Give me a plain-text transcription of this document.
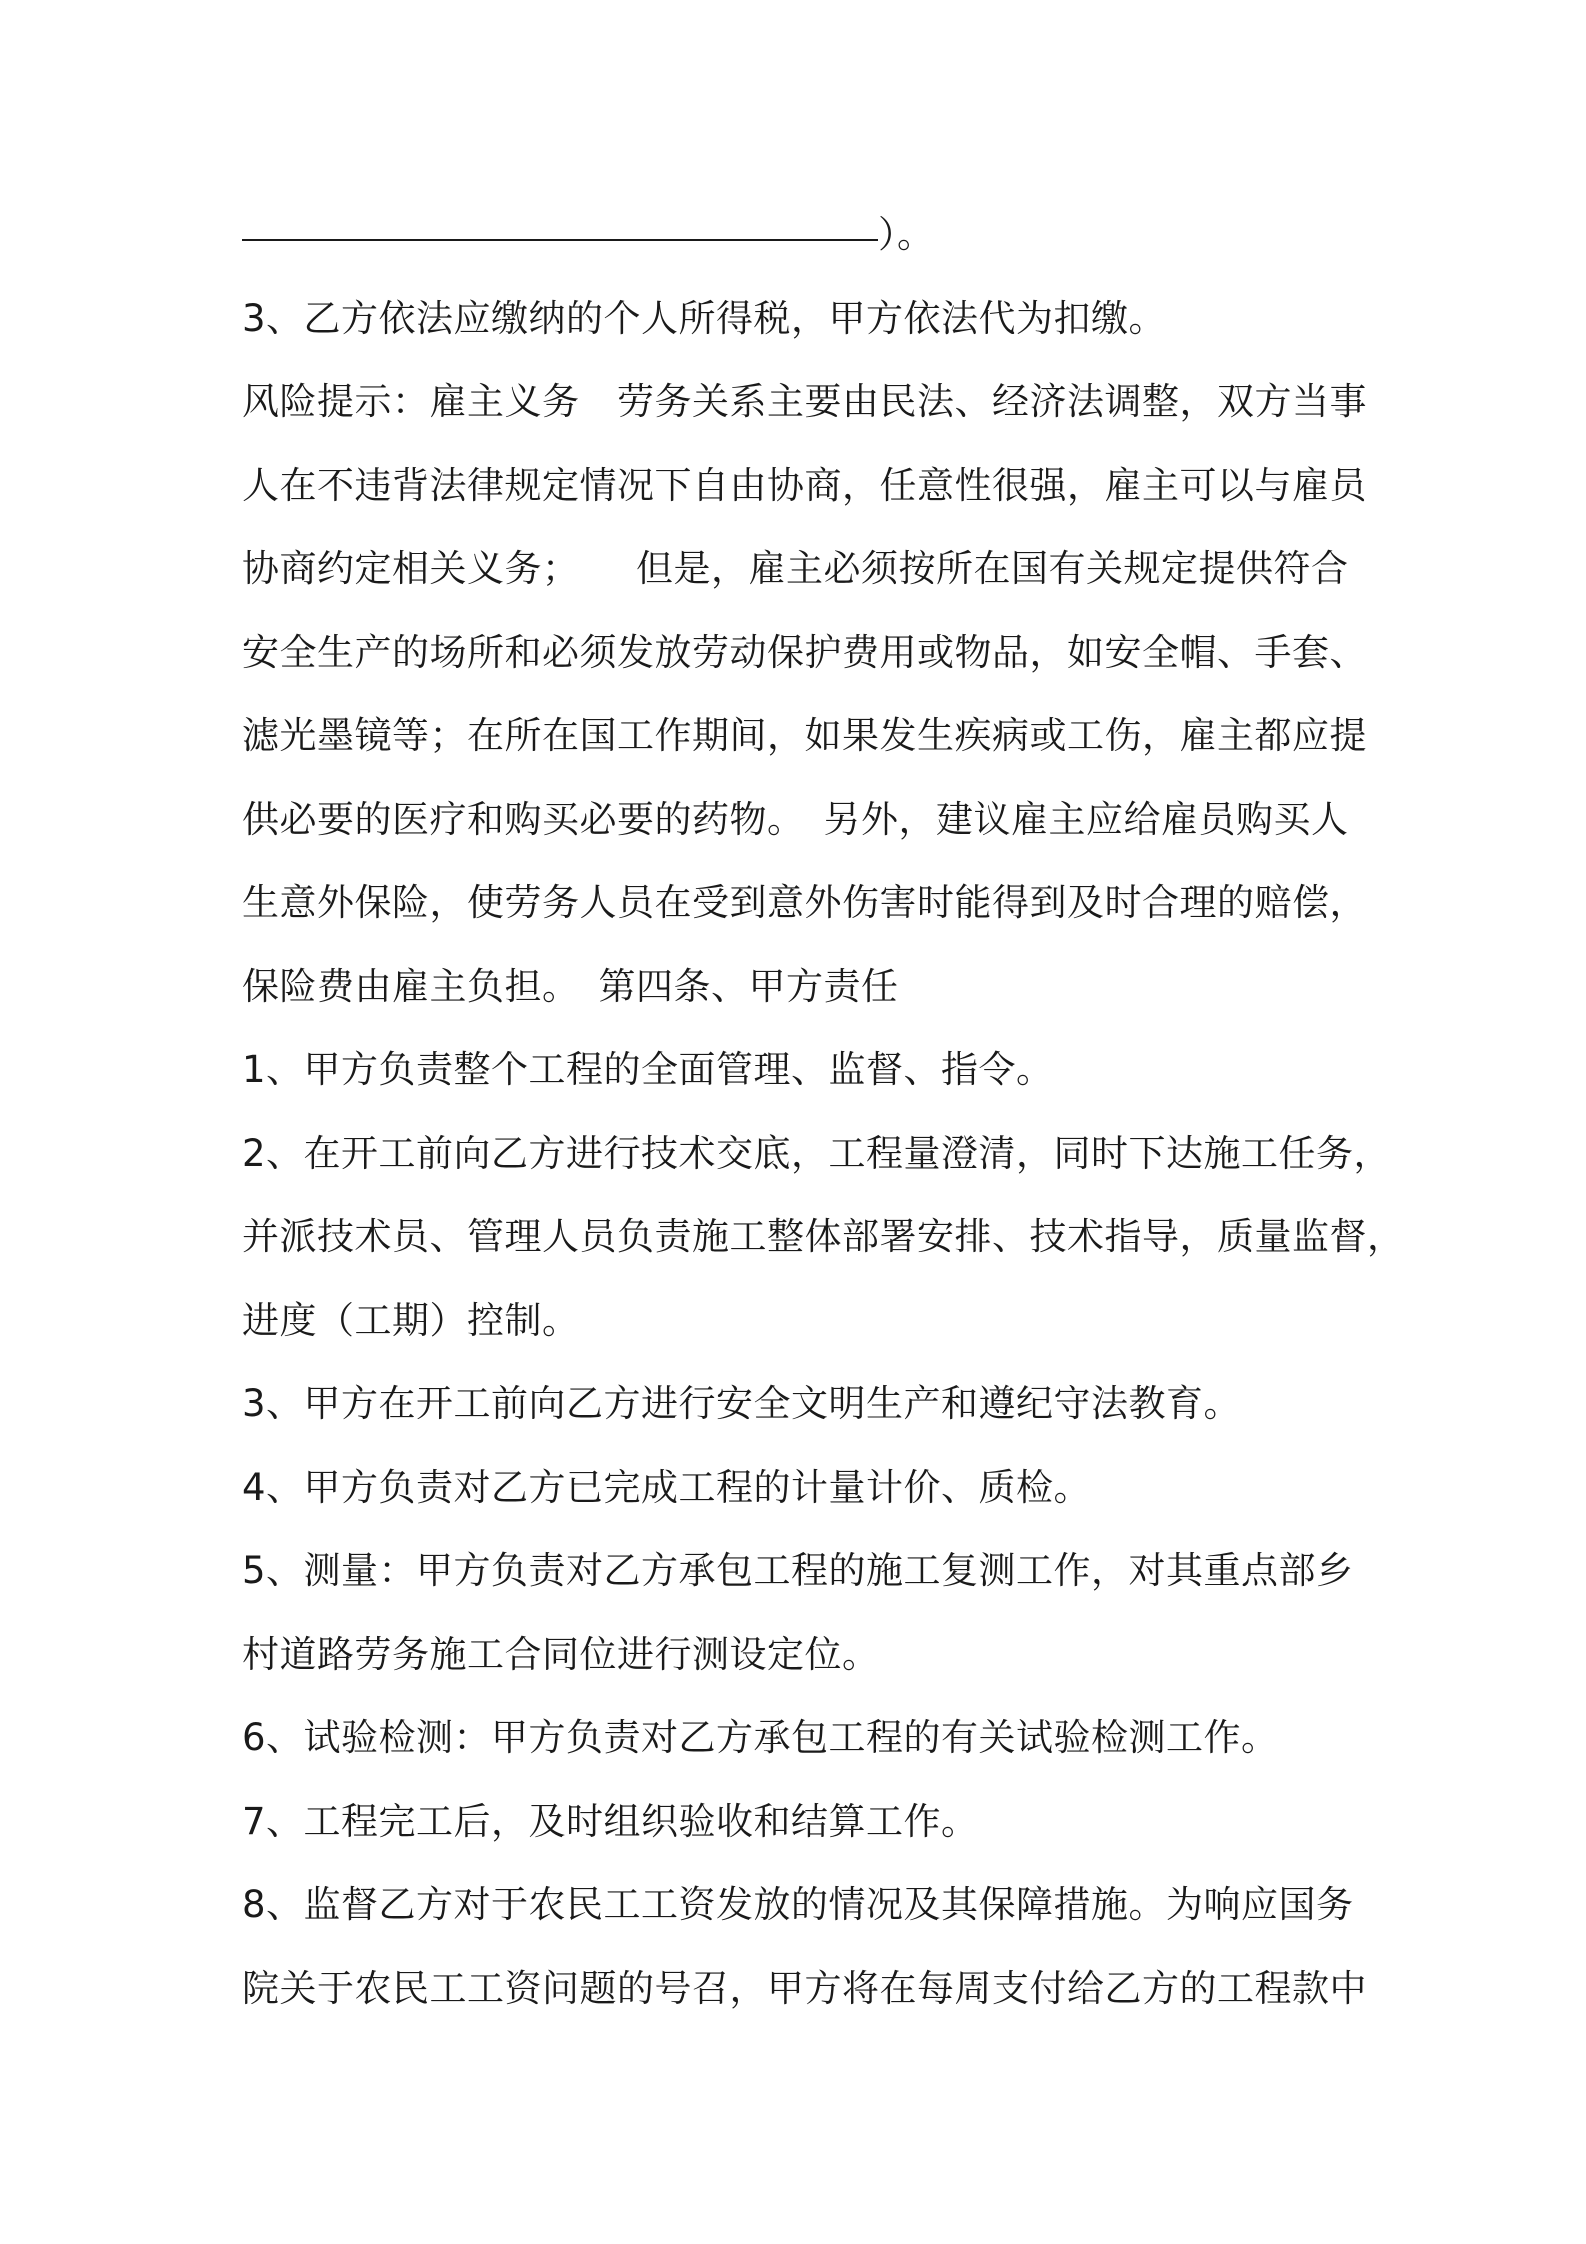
）。
3、乙方依法应缴纳的个人所得税，甲方依法代为扣缴。
风险提示：雇主义务　劳务关系主要由民法、经济法调整，双方当事
人在不违背法律规定情况下自由协商，任意性很强，雇主可以与雇员
协商约定相关义务；　　但是，雇主必须按所在国有关规定提供符合
安全生产的场所和必须发放劳动保护费用或物品，如安全帽、手套、
滤光墨镜等；在所在国工作期间，如果发生疾病或工伤，雇主都应提
供必要的医疗和购买必要的药物。　另外，建议雇主应给雇员购买人
生意外保险，使劳务人员在受到意外伤害时能得到及时合理的赔偿，
保险费由雇主负担。　第四条、甲方责任
1、甲方负责整个工程的全面管理、监督、指令。
2、在开工前向乙方进行技术交底，工程量澄清，同时下达施工任务，
并派技术员、管理人员负责施工整体部署安排、技术指导，质量监督，
进度（工期）控制。
3、甲方在开工前向乙方进行安全文明生产和遵纪守法教育。
4、甲方负责对乙方已完成工程的计量计价、质检。
5、测量：甲方负责对乙方承包工程的施工复测工作，对其重点部乡
村道路劳务施工合同位进行测设定位。
6、试验检测：甲方负责对乙方承包工程的有关试验检测工作。
7、工程完工后，及时组织验收和结算工作。
8、监督乙方对于农民工工资发放的情况及其保障措施。为响应国务
院关于农民工工资问题的号召，甲方将在每周支付给乙方的工程款中
